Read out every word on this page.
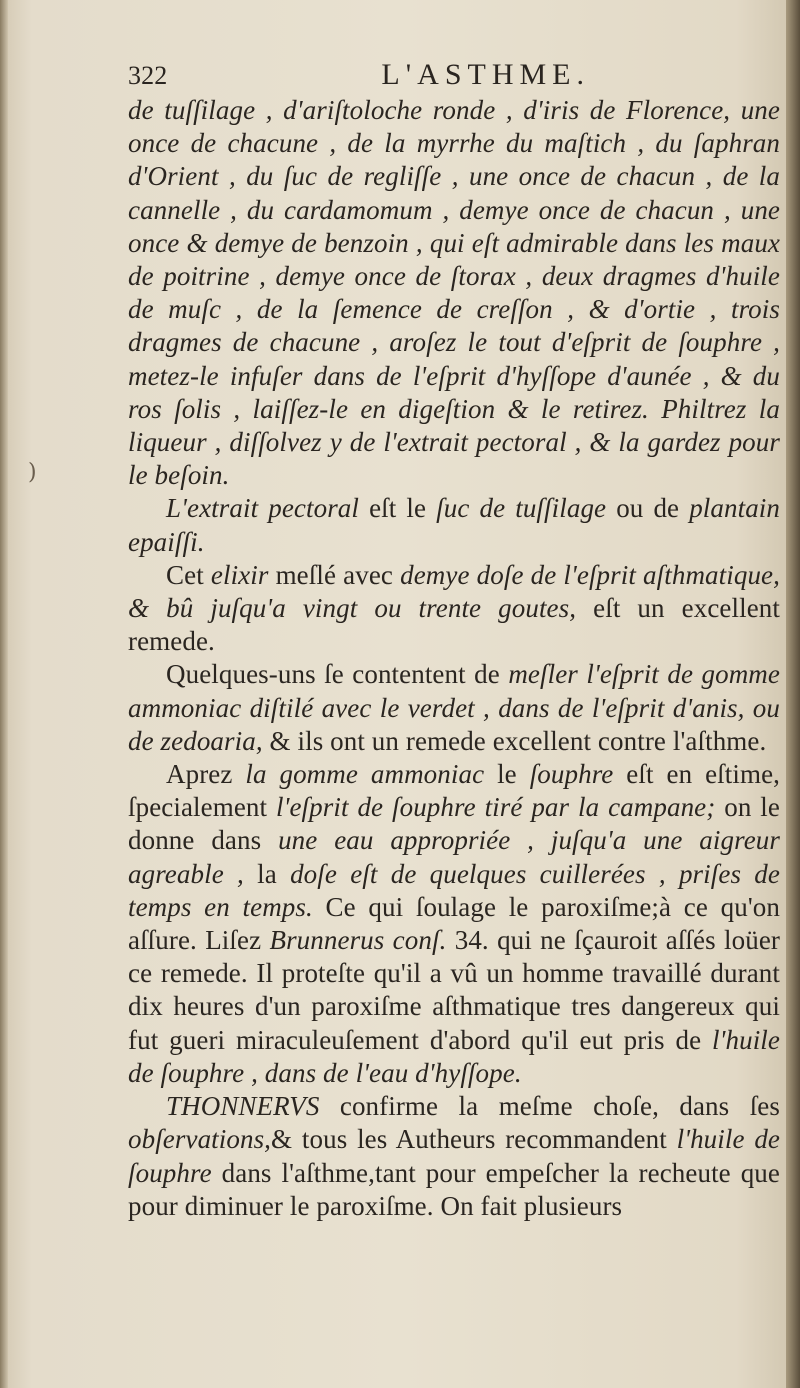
)
322	L'ASTHME.

de tuſſilage , d'ariſtoloche ronde , d'iris de Florence, une once de chacune , de la myrrhe du maſtich , du ſaphran d'Orient , du ſuc de regliſſe , une once de chacun , de la cannelle , du cardamomum , demye once de chacun , une once & demye de benzoin , qui eſt admirable dans les maux de poitrine , demye once de ſtorax , deux dragmes d'huile de muſc , de la ſemence de creſſon , & d'ortie , trois dragmes de chacune , aroſez le tout d'eſprit de ſouphre , metez-le infuſer dans de l'eſprit d'hyſſope d'aunée , & du ros ſolis , laiſſez-le en digeſtion & le retirez. Philtrez la liqueur , diſſolvez y de l'extrait pectoral , & la gardez pour le beſoin.

L'extrait pectoral eſt le ſuc de tuſſilage ou de plantain epaiſſi.

Cet elixir meſlé avec demye doſe de l'eſprit aſthmatique, & bû juſqu'a vingt ou trente goutes, eſt un excellent remede.

Quelques-uns ſe contentent de meſler l'eſprit de gomme ammoniac diſtilé avec le verdet , dans de l'eſprit d'anis, ou de zedoaria, & ils ont un remede excellent contre l'aſthme.

Aprez la gomme ammoniac le ſouphre eſt en eſtime, ſpecialement l'eſprit de ſouphre tiré par la campane; on le donne dans une eau appropriée , juſqu'a une aigreur agreable , la doſe eſt de quelques cuillerées , priſes de temps en temps. Ce qui ſoulage le paroxiſme;à ce qu'on aſſure. Liſez Brunnerus conſ. 34. qui ne ſçauroit aſſés loüer ce remede. Il proteſte qu'il a vû un homme travaillé durant dix heures d'un paroxiſme aſthmatique tres dangereux qui fut gueri miraculeuſement d'abord qu'il eut pris de l'huile de ſouphre , dans de l'eau d'hyſſope.

THONNERVS confirme la meſme choſe, dans ſes obſervations,& tous les Autheurs recommandent l'huile de ſouphre dans l'aſthme,tant pour empeſcher la recheute que pour diminuer le paroxiſme. On fait plusieurs
